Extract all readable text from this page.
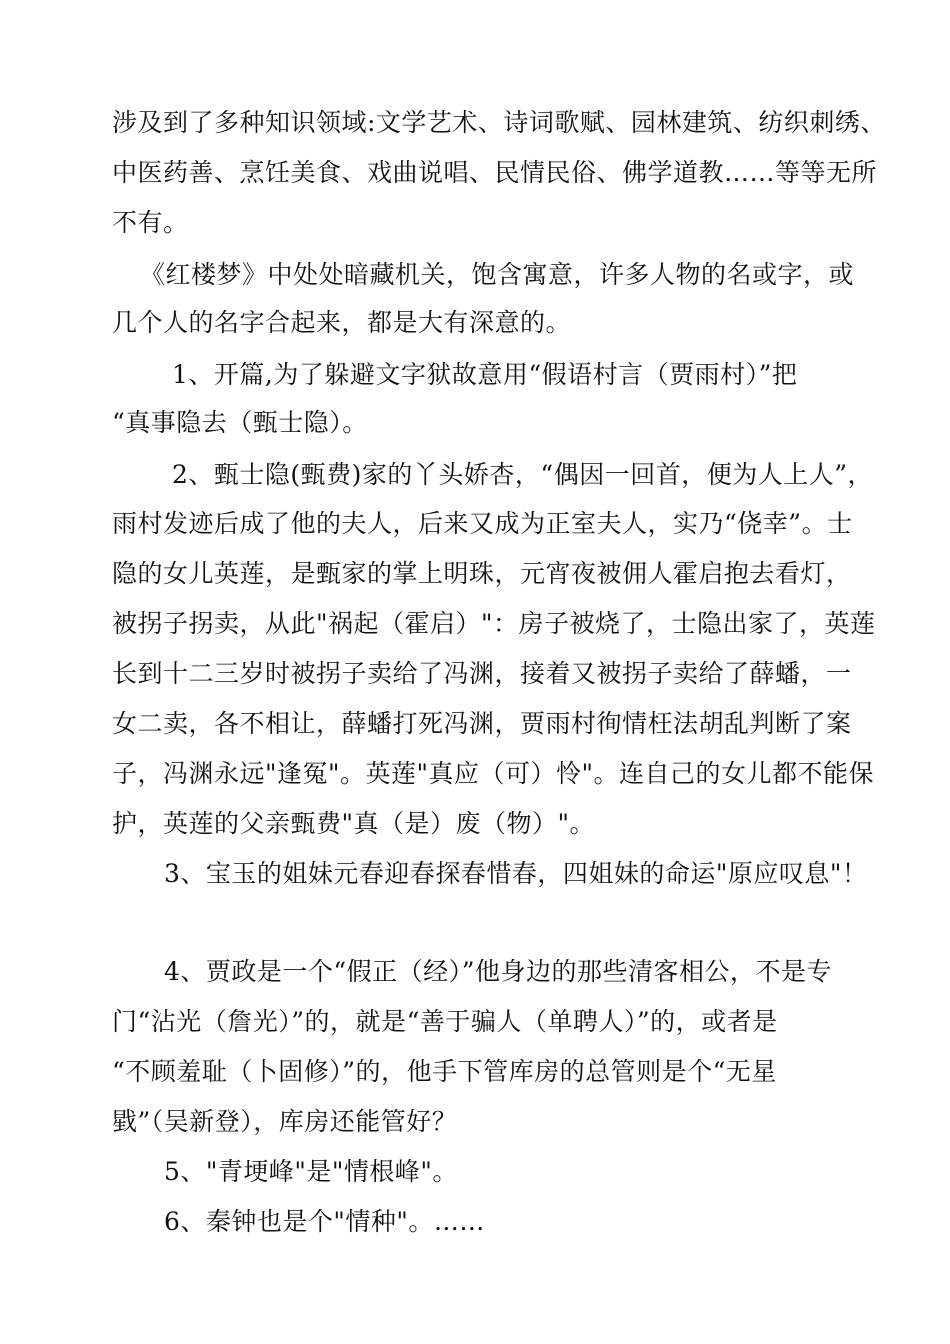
涉及到了多种知识领域:文学艺术、诗词歌赋、园林建筑、纺织刺绣、
中医药善、烹饪美食、戏曲说唱、民情民俗、佛学道教……等等无所
不有。
《红楼梦》中处处暗藏机关，饱含寓意，许多人物的名或字，或
几个人的名字合起来，都是大有深意的。
1、开篇,为了躲避文字狱故意用“假语村言（贾雨村）”把
“真事隐去（甄士隐）。
2、甄士隐(甄费)家的丫头娇杏，“偶因一回首，便为人上人”，
雨村发迹后成了他的夫人，后来又成为正室夫人，实乃“侥幸”。士
隐的女儿英莲，是甄家的掌上明珠，元宵夜被佣人霍启抱去看灯，
被拐子拐卖，从此"祸起（霍启）"：房子被烧了，士隐出家了，英莲
长到十二三岁时被拐子卖给了冯渊，接着又被拐子卖给了薛蟠，一
女二卖，各不相让，薛蟠打死冯渊，贾雨村徇情枉法胡乱判断了案
子，冯渊永远"逢冤"。英莲"真应（可）怜"。连自己的女儿都不能保
护，英莲的父亲甄费"真（是）废（物）"。
3、宝玉的姐妹元春迎春探春惜春，四姐妹的命运"原应叹息"！
4、贾政是一个“假正（经）”他身边的那些清客相公，不是专
门“沾光（詹光）”的，就是“善于骗人（单聘人）”的，或者是
“不顾羞耻（卜固修）”的，他手下管库房的总管则是个“无星
戥”（吴新登），库房还能管好？
5、"青埂峰"是"情根峰"。
6、秦钟也是个"情种"。……
